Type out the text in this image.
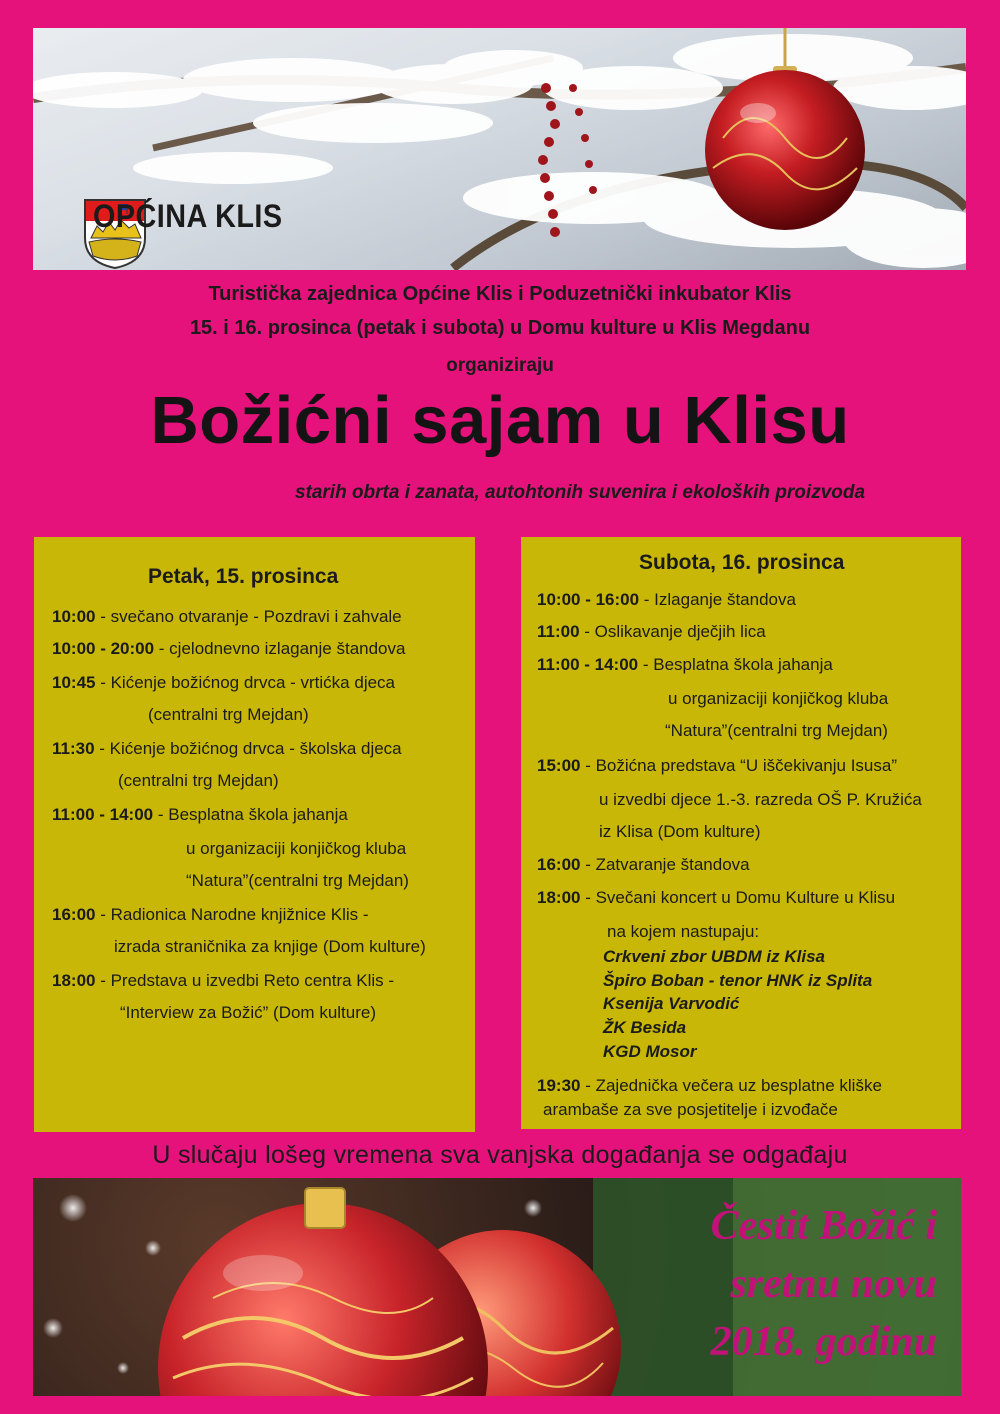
OPĆINA KLIS
Turistička zajednica Općine Klis i Poduzetnički inkubator Klis
15. i 16. prosinca (petak i subota) u Domu kulture u Klis Megdanu
organiziraju
Božićni sajam u Klisu
starih obrta i zanata, autohtonih suvenira i ekoloških proizvoda
Petak, 15. prosinca
10:00 - svečano otvaranje - Pozdravi i zahvale
10:00 - 20:00 - cjelodnevno izlaganje štandova
10:45 - Kićenje božićnog drvca - vrtićka djeca
(centralni trg Mejdan)
11:30 - Kićenje božićnog drvca - školska djeca
(centralni trg Mejdan)
11:00 - 14:00 - Besplatna škola jahanja
u organizaciji konjičkog kluba
“Natura”(centralni trg Mejdan)
16:00 - Radionica Narodne knjižnice Klis -
izrada straničnika za knjige (Dom kulture)
18:00 - Predstava u izvedbi Reto centra Klis -
“Interview za Božić” (Dom kulture)
Subota, 16. prosinca
10:00 - 16:00 - Izlaganje štandova
11:00 - Oslikavanje dječjih lica
11:00 - 14:00 - Besplatna škola jahanja
u organizaciji konjičkog kluba
“Natura”(centralni trg Mejdan)
15:00 - Božićna predstava “U iščekivanju Isusa”
u izvedbi djece 1.-3. razreda OŠ P. Kružića
iz Klisa (Dom kulture)
16:00 - Zatvaranje štandova
18:00 - Svečani koncert u Domu Kulture u Klisu
na kojem nastupaju:
Crkveni zbor UBDM iz Klisa
Špiro Boban - tenor HNK iz Splita
Ksenija Varvodić
ŽK Besida
KGD Mosor
19:30 - Zajednička večera uz besplatne kliške
arambaše za sve posjetitelje i izvođače
U slučaju lošeg vremena sva vanjska događanja se odgađaju
Čestit Božić i
sretnu novu
2018. godinu
